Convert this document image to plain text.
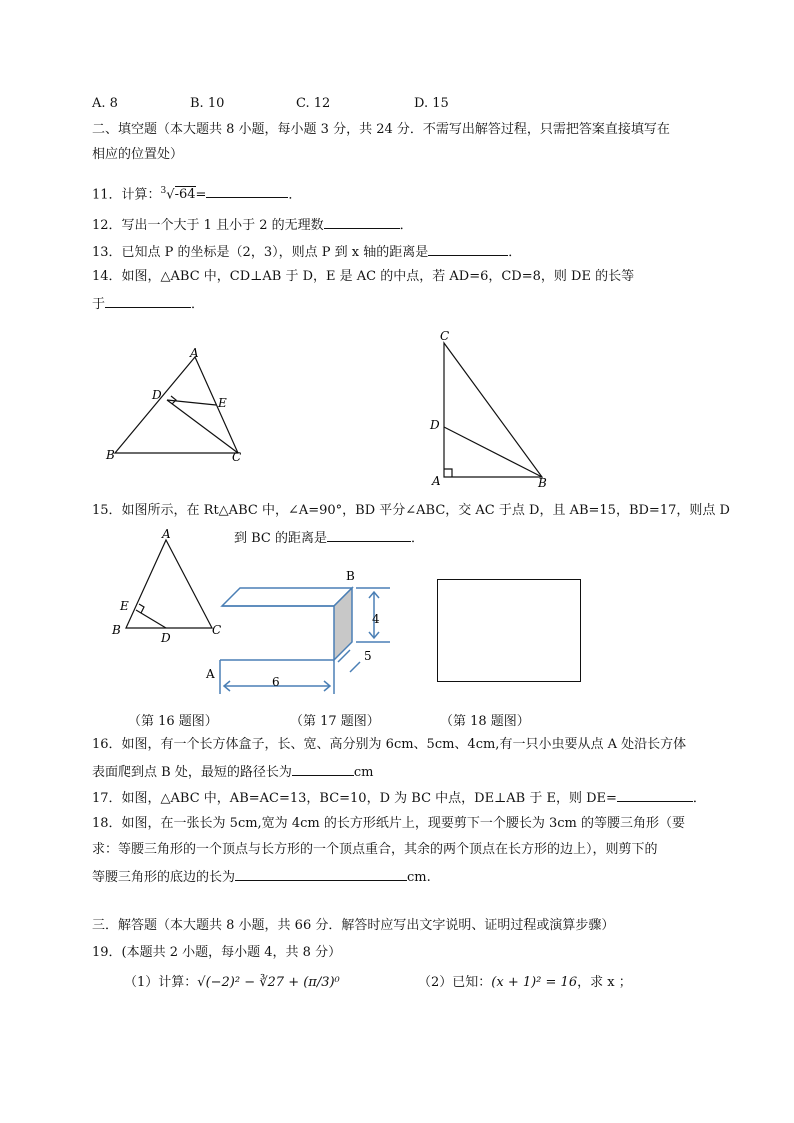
A. 8	B. 10	C. 12	D. 15
二、填空题（本大题共 8 小题，每小题 3 分，共 24 分．不需写出解答过程，只需把答案直接填写在
相应的位置处）
11．计算：$^3$√-64=	．
12．写出一个大于 1 且小于 2 的无理数	．
13．已知点 P 的坐标是（2，3），则点 P 到 x 轴的距离是	．
14．如图，△ABC 中，CD⊥AB 于 D，E 是 AC 的中点，若 AD=6，CD=8，则 DE 的长等
于	．
A
D
E
B	C
C
D
A	B
15．如图所示，在 Rt△ABC 中，∠A=90°，BD 平分∠ABC，交 AC 于点 D，且 AB=15，BD=17，则点 D
到 BC 的距离是	．
A
E
B
D
C
B
A
6
4
5
（第 16 题图）	（第 17 题图）	（第 18 题图）
16．如图，有一个长方体盒子，长、宽、高分别为 6cm、5cm、4cm,有一只小虫要从点 A 处沿长方体
表面爬到点 B 处，最短的路径长为	cm
17．如图，△ABC 中，AB=AC=13，BC=10，D 为 BC 中点，DE⊥AB 于 E，则 DE=	．
18．如图，在一张长为 5cm,宽为 4cm 的长方形纸片上，现要剪下一个腰长为 3cm 的等腰三角形（要
求：等腰三角形的一个顶点与长方形的一个顶点重合，其余的两个顶点在长方形的边上），则剪下的
等腰三角形的底边的长为	cm.
三．解答题（本大题共 8 小题，共 66 分．解答时应写出文字说明、证明过程或演算步骤）
19．(本题共 2 小题，每小题 4，共 8 分）
（1）计算：√(−2)² − ∛27 + (π/3)⁰	（2）已知：(x + 1)² = 16，求 x ；
